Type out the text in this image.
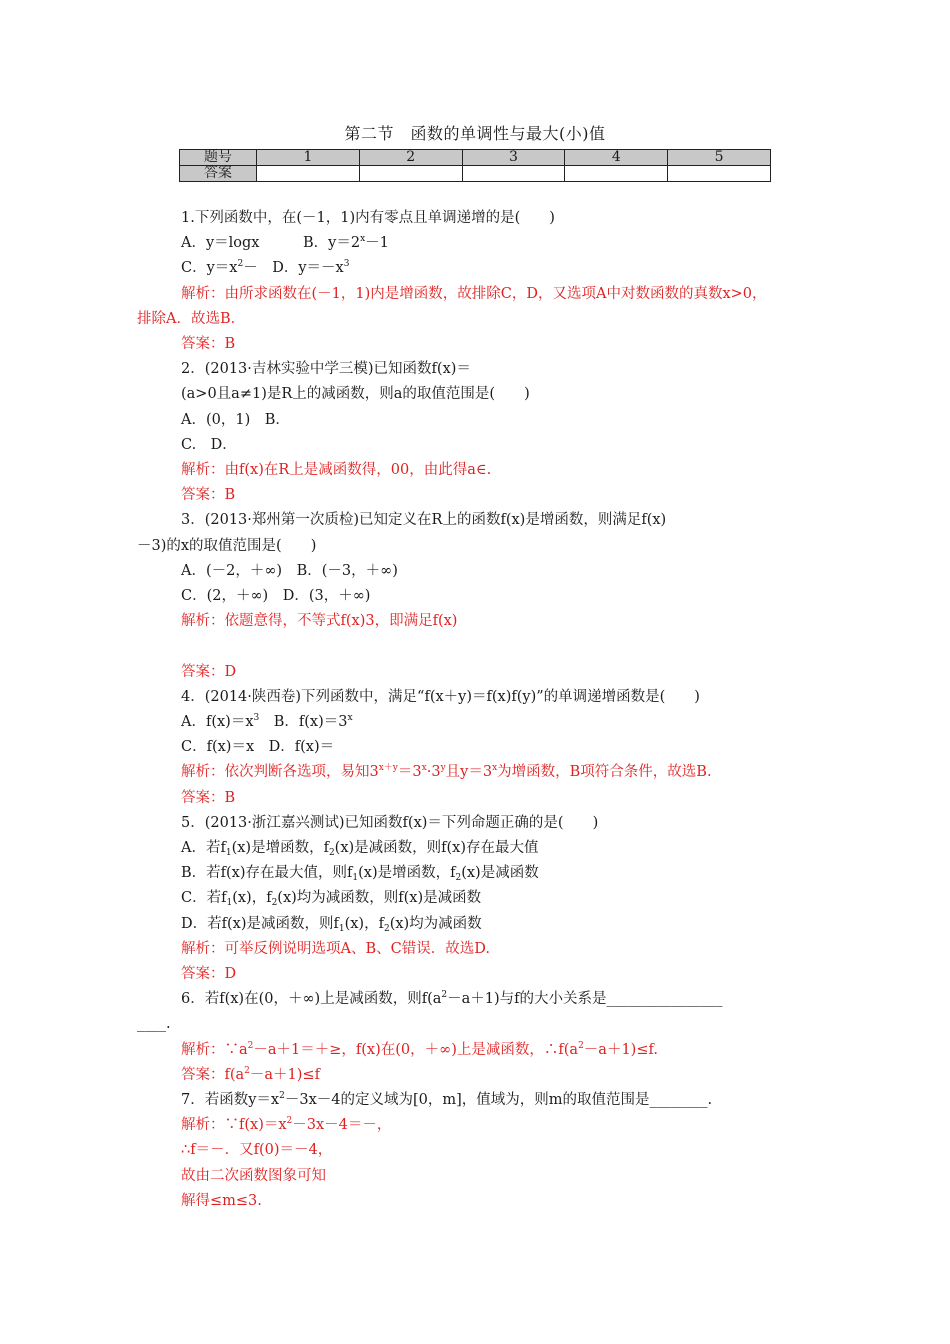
第二节　函数的单调性与最大(小)值
题号	1	2	3	4	5
答案					
1.下列函数中，在(－1，1)内有零点且单调递增的是(　　)
A．y＝logx　　　B．$y=2^x-1$
C．$y=x^2-$　D．$y=-x^3$
解析：由所求函数在(－1，1)内是增函数，故排除C，D，又选项A中对数函数的真数x>0，
排除A．故选B．
答案：B
2．(2013·吉林实验中学三模)已知函数f(x)＝
(a>0且a≠1)是R上的减函数，则a的取值范围是(　　)
A．(0，1)　B．
C.　D．
解析：由f(x)在R上是减函数得，00，由此得a∈.
答案：B
3．(2013·郑州第一次质检)已知定义在R上的函数f(x)是增函数，则满足f(x)
－3)的x的取值范围是(　　)
A．(－2，＋∞)　B．(－3，＋∞)
C．(2，＋∞)　D．(3，＋∞)
解析：依题意得，不等式f(x)3，即满足f(x)
答案：D
4．(2014·陕西卷)下列函数中，满足“f(x＋y)＝f(x)f(y)”的单调递增函数是(　　)
A．$f(x)=x^3$　B．$f(x)=3^x$
C．f(x)＝x　D．f(x)＝
解析：依次判断各选项，易知$3^{x+y}=3^x\cdot 3^y$且$y=3^x$为增函数，B项符合条件，故选B.
答案：B
5．(2013·浙江嘉兴测试)已知函数f(x)＝下列命题正确的是(　　)
A．若$f_1(x)$是增函数，$f_2(x)$是减函数，则f(x)存在最大值
B．若f(x)存在最大值，则$f_1(x)$是增函数，$f_2(x)$是减函数
C．若$f_1(x)$，$f_2(x)$均为减函数，则f(x)是减函数
D．若f(x)是减函数，则$f_1(x)$，$f_2(x)$均为减函数
解析：可举反例说明选项A、B、C错误．故选D.
答案：D
6．若f(x)在(0，＋∞)上是减函数，则$f(a^2-a+1)$与f的大小关系是________________
____.
解析：$\because a^2-a+1=+\ge$，f(x)在(0，＋∞)上是减函数，$\therefore f(a^2-a+1)\le f$.
答案：$f(a^2-a+1)\le f$
7．若函数$y=x^2-3x-4$的定义域为[0，m]，值域为，则m的取值范围是________.
解析：$\because f(x)=x^2-3x-4=-$，
∴f＝－．又f(0)＝－4，
故由二次函数图象可知
解得≤m≤3.
